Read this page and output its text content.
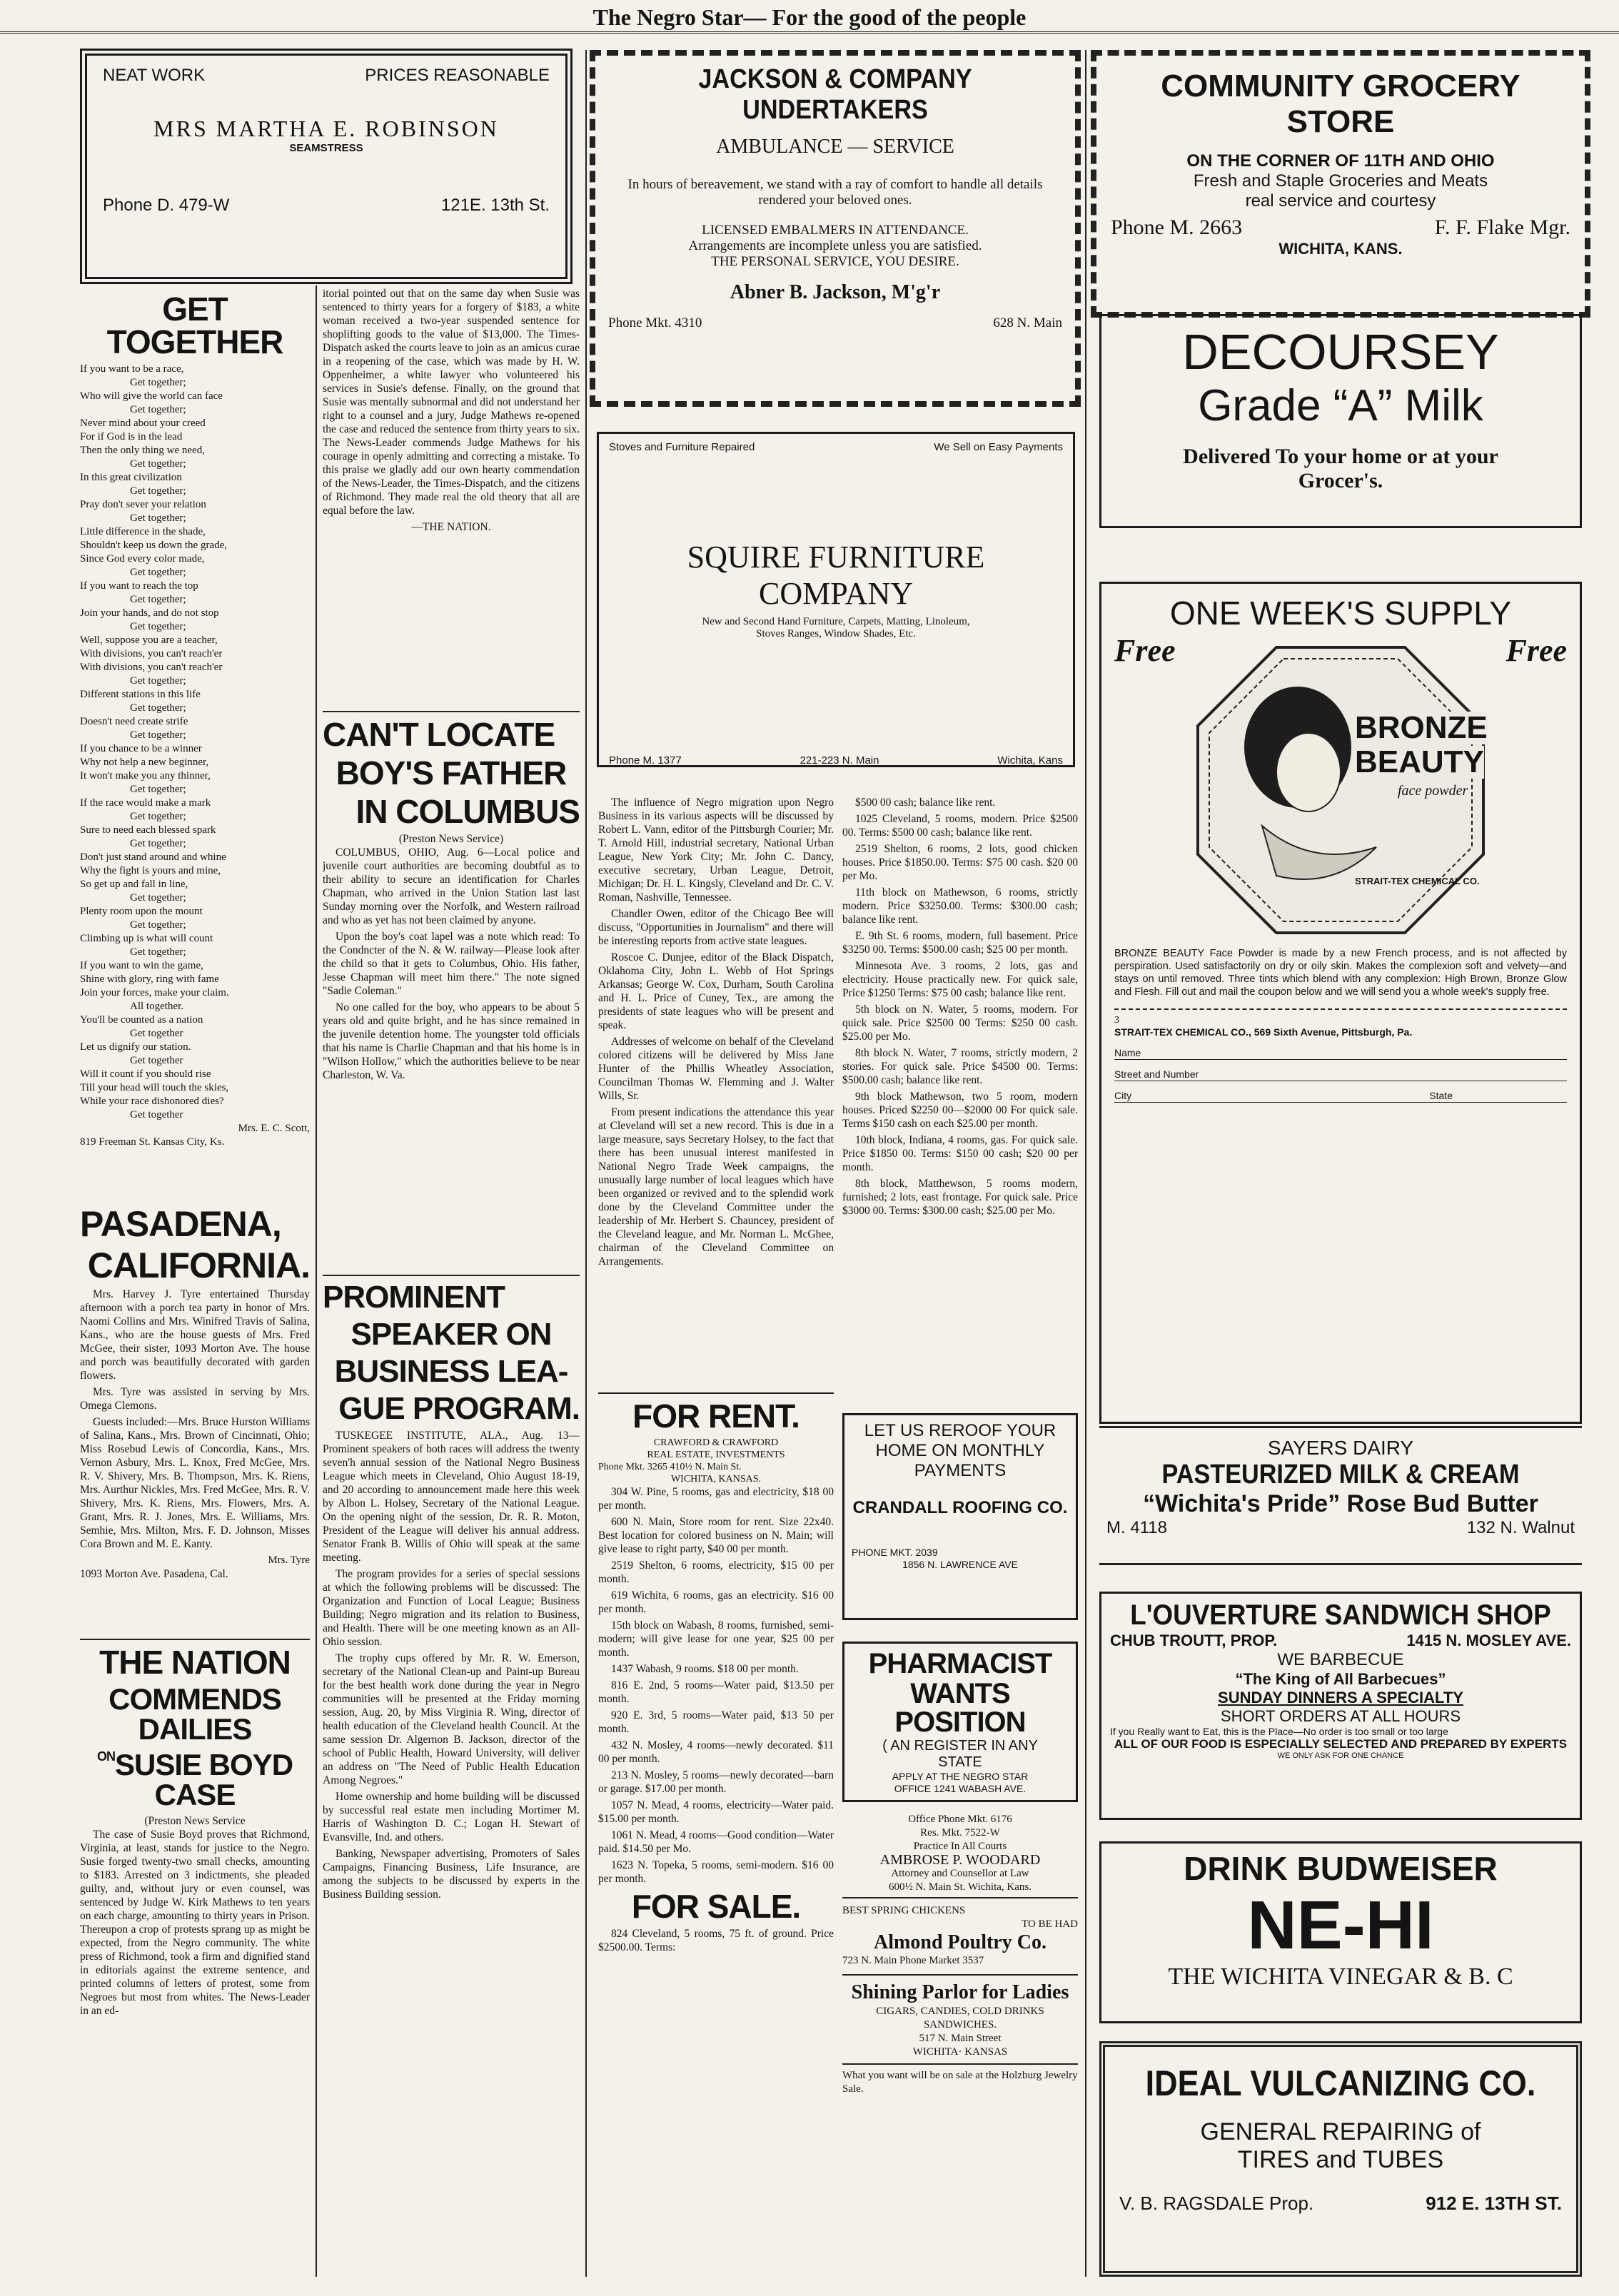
The Negro Star— For the good of the people
NEAT WORK	PRICES REASONABLE
MRS MARTHA E. ROBINSON
SEAMSTRESS
Phone D. 479-W	121E. 13th St.
GET TOGETHER
If you want to be a race,
Get together;
Who will give the world can face
Get together;
Never mind about your creed
For if God is in the lead
Then the only thing we need,
Get together;
In this great civilization
Get together;
Pray don't sever your relation
Get together;
Little difference in the shade,
Shouldn't keep us down the grade,
Since God every color made,
Get together;
If you want to reach the top
Get together;
Join your hands, and do not stop
Get together;
Well, suppose you are a teacher,
With divisions, you can't reach'er
With divisions, you can't reach'er
Get together;
Different stations in this life
Get together;
Doesn't need create strife
Get together;
If you chance to be a winner
Why not help a new beginner,
It won't make you any thinner,
Get together;
If the race would make a mark
Get together;
Sure to need each blessed spark
Get together;
Don't just stand around and whine
Why the fight is yours and mine,
So get up and fall in line,
Get together;
Plenty room upon the mount
Get together;
Climbing up is what will count
Get together;
If you want to win the game,
Shine with glory, ring with fame
Join your forces, make your claim.
All together.
You'll be counted as a nation
Get together
Let us dignify our station.
Get together
Will it count if you should rise
Till your head will touch the skies,
While your race dishonored dies?
Get together
Mrs. E. C. Scott,
819 Freeman St. Kansas City, Ks.
PASADENA,
CALIFORNIA.

Mrs. Harvey J. Tyre entertained Thursday afternoon with a porch tea party in honor of Mrs. Naomi Collins and Mrs. Winifred Travis of Salina, Kans., who are the house guests of Mrs. Fred McGee, their sister, 1093 Morton Ave. The house and porch was beautifully decorated with garden flowers.

Mrs. Tyre was assisted in serving by Mrs. Omega Clemons.

Guests included:—Mrs. Bruce Hurston Williams of Salina, Kans., Mrs. Brown of Cincinnati, Ohio; Miss Rosebud Lewis of Concordia, Kans., Mrs. Vernon Asbury, Mrs. L. Knox, Fred McGee, Mrs. R. V. Shivery, Mrs. B. Thompson, Mrs. K. Riens, Mrs. Aurthur Nickles, Mrs. Fred McGee, Mrs. R. V. Shivery, Mrs. K. Riens, Mrs. Flowers, Mrs. A. Grant, Mrs. R. J. Jones, Mrs. E. Williams, Mrs. Semhie, Mrs. Milton, Mrs. F. D. Johnson, Misses Cora Brown and M. E. Kanty.

Mrs. Tyre
1093 Morton Ave. Pasadena, Cal.
THE NATION
COMMENDS DAILIES
$^{ON}$SUSIE BOYD CASE
(Preston News Service

The case of Susie Boyd proves that Richmond, Virginia, at least, stands for justice to the Negro. Susie forged twenty-two small checks, amounting to $183. Arrested on 3 indictments, she pleaded guilty, and, without jury or even counsel, was sentenced by Judge W. Kirk Mathews to ten years on each charge, amounting to thirty years in Prison. Thereupon a crop of protests sprang up as might be expected, from the Negro community. The white press of Richmond, took a firm and dignified stand in editorials against the extreme sentence, and printed columns of letters of protest, some from Negroes but most from whites. The News-Leader in an ed-

itorial pointed out that on the same day when Susie was sentenced to thirty years for a forgery of $183, a white woman received a two-year suspended sentence for shoplifting goods to the value of $13,000. The Times-Dispatch asked the courts leave to join as an amicus curae in a reopening of the case, which was made by H. W. Oppenheimer, a white lawyer who volunteered his services in Susie's defense. Finally, on the ground that Susie was mentally subnormal and did not understand her right to a counsel and a jury, Judge Mathews re-opened the case and reduced the sentence from thirty years to six. The News-Leader commends Judge Mathews for his courage in openly admitting and correcting a mistake. To this praise we gladly add our own hearty commendation of the News-Leader, the Times-Dispatch, and the citizens of Richmond. They made real the old theory that all are equal before the law.

—THE NATION.
CAN'T LOCATE
BOY'S FATHER
IN COLUMBUS
(Preston News Service)

COLUMBUS, OHIO, Aug. 6—Local police and juvenile court authorities are becoming doubtful as to their ability to secure an identification for Charles Chapman, who arrived in the Union Station last last Sunday morning over the Norfolk, and Western railroad and who as yet has not been claimed by anyone.

Upon the boy's coat lapel was a note which read: To the Condncter of the N. & W. railway—Please look after the child so that it gets to Columbus, Ohio. His father, Jesse Chapman will meet him there." The note signed "Sadie Coleman."

No one called for the boy, who appears to be about 5 years old and quite bright, and he has since remained in the juvenile detention home. The youngster told officials that his name is Charlie Chapman and that his home is in "Wilson Hollow," which the authorities believe to be near Charleston, W. Va.

PROMINENT
SPEAKER ON
BUSINESS LEA-
GUE PROGRAM.

TUSKEGEE INSTITUTE, ALA., Aug. 13—Prominent speakers of both races will address the twenty seven'h annual session of the National Negro Business League which meets in Cleveland, Ohio August 18-19, and 20 according to announcement made here this week by Albon L. Holsey, Secretary of the National League. On the opening night of the session, Dr. R. R. Moton, President of the League will deliver his annual address. Senator Frank B. Willis of Ohio will speak at the same meeting.

The program provides for a series of special sessions at which the following problems will be discussed: The Organization and Function of Local League; Business Building; Negro migration and its relation to Business, and Health. There will be one meeting known as an All-Ohio session.

The trophy cups offered by Mr. R. W. Emerson, secretary of the National Clean-up and Paint-up Bureau for the best health work done during the year in Negro communities will be presented at the Friday morning session, Aug. 20, by Miss Virginia R. Wing, director of health education of the Cleveland health Council. At the same session Dr. Algernon B. Jackson, director of the school of Public Health, Howard University, will deliver an address on "The Need of Public Health Education Among Negroes."

Home ownership and home building will be discussed by successful real estate men including Mortimer M. Harris of Washington D. C.; Logan H. Stewart of Evansville, Ind. and others.

Banking, Newspaper advertising, Promoters of Sales Campaigns, Financing Business, Life Insurance, are among the subjects to be discussed by experts in the Business Building session.

JACKSON & COMPANY UNDERTAKERS
AMBULANCE — SERVICE
In hours of bereavement, we stand with a ray of comfort to handle all details rendered your beloved ones.
LICENSED EMBALMERS IN ATTENDANCE.
Arrangements are incomplete unless you are satisfied.
THE PERSONAL SERVICE, YOU DESIRE.
Abner B. Jackson, M'g'r
Phone Mkt. 4310	628 N. Main
Stoves and Furniture Repaired	We Sell on Easy Payments
SQUIRE FURNITURE COMPANY
New and Second Hand Furniture, Carpets, Matting, Linoleum, Stoves Ranges, Window Shades, Etc.
Phone M. 1377	221-223 N. Main	Wichita, Kans

The influence of Negro migration upon Negro Business in its various aspects will be discussed by Robert L. Vann, editor of the Pittsburgh Courier; Mr. T. Arnold Hill, industrial secretary, National Urban League, New York City; Mr. John C. Dancy, executive secretary, Urban League, Detroit, Michigan; Dr. H. L. Kingsly, Cleveland and Dr. C. V. Roman, Nashville, Tennessee.

Chandler Owen, editor of the Chicago Bee will discuss, "Opportunities in Journalism" and there will be interesting reports from active state leagues.

Roscoe C. Dunjee, editor of the Black Dispatch, Oklahoma City, John L. Webb of Hot Springs Arkansas; George W. Cox, Durham, South Carolina and H. L. Price of Cuney, Tex., are among the presidents of state leagues who will be present and speak.

Addresses of welcome on behalf of the Cleveland colored citizens will be delivered by Miss Jane Hunter of the Phillis Wheatley Association, Councilman Thomas W. Flemming and J. Walter Wills, Sr.

From present indications the attendance this year at Cleveland will set a new record. This is due in a large measure, says Secretary Holsey, to the fact that there has been unusual interest manifested in National Negro Trade Week campaigns, the unusually large number of local leagues which have been organized or revived and to the splendid work done by the Cleveland Committee under the leadership of Mr. Herbert S. Chauncey, president of the Cleveland league, and Mr. Norman L. McGhee, chairman of the Cleveland Committee on Arrangements.

FOR RENT.
CRAWFORD & CRAWFORD
REAL ESTATE, INVESTMENTS
Phone Mkt. 3265 410½ N. Main St.
WICHITA, KANSAS.

304 W. Pine, 5 rooms, gas and electricity, $18 00 per month.

600 N. Main, Store room for rent. Size 22x40. Best location for colored business on N. Main; will give lease to right party, $40 00 per month.

2519 Shelton, 6 rooms, electricity, $15 00 per month.

619 Wichita, 6 rooms, gas an electricity. $16 00 per month.

15th block on Wabash, 8 rooms, furnished, semi-modern; will give lease for one year, $25 00 per month.

1437 Wabash, 9 rooms. $18 00 per month.

816 E. 2nd, 5 rooms—Water paid, $13.50 per month.

920 E. 3rd, 5 rooms—Water paid, $13 50 per month.

432 N. Mosley, 4 rooms—newly decorated. $11 00 per month.

213 N. Mosley, 5 rooms—newly decorated—barn or garage. $17.00 per month.

1057 N. Mead, 4 rooms, electricity—Water paid. $15.00 per month.

1061 N. Mead, 4 rooms—Good condition—Water paid. $14.50 per Mo.

1623 N. Topeka, 5 rooms, semi-modern. $16 00 per month.

FOR SALE.

824 Cleveland, 5 rooms, 75 ft. of ground. Price $2500.00. Terms:

$500 00 cash; balance like rent.

1025 Cleveland, 5 rooms, modern. Price $2500 00. Terms: $500 00 cash; balance like rent.

2519 Shelton, 6 rooms, 2 lots, good chicken houses. Price $1850.00. Terms: $75 00 cash. $20 00 per Mo.

11th block on Mathewson, 6 rooms, strictly modern. Price $3250.00. Terms: $300.00 cash; balance like rent.

E. 9th St. 6 rooms, modern, full basement. Price $3250 00. Terms: $500.00 cash; $25 00 per month.

Minnesota Ave. 3 rooms, 2 lots, gas and electricity. House practically new. For quick sale, Price $1250 Terms: $75 00 cash; balance like rent.

5th block on N. Water, 5 rooms, modern. For quick sale. Price $2500 00 Terms: $250 00 cash. $25.00 per Mo.

8th block N. Water, 7 rooms, strictly modern, 2 stories. For quick sale. Price $4500 00. Terms: $500.00 cash; balance like rent.

9th block Mathewson, two 5 room, modern houses. Priced $2250 00—$2000 00 For quick sale. Terms $150 cash on each $25.00 per month.

10th block, Indiana, 4 rooms, gas. For quick sale. Price $1850 00. Terms: $150 00 cash; $20 00 per month.

8th block, Matthewson, 5 rooms modern, furnished; 2 lots, east frontage. For quick sale. Price $3000 00. Terms: $300.00 cash; $25.00 per Mo.

LET US REROOF YOUR
HOME ON MONTHLY
PAYMENTS
CRANDALL ROOFING CO.
PHONE MKT. 2039
1856 N. LAWRENCE AVE
PHARMACIST
WANTS POSITION
( AN REGISTER IN ANY
STATE
APPLY AT THE NEGRO STAR
OFFICE 1241 WABASH AVE.
Office Phone Mkt. 6176
Res. Mkt. 7522-W
Practice In All Courts
AMBROSE P. WOODARD
Attorney and Counsellor at Law
600½ N. Main St. Wichita, Kans.
BEST SPRING CHICKENS
TO BE HAD
Almond Poultry Co.
723 N. Main Phone Market 3537
Shining Parlor for Ladies
CIGARS, CANDIES, COLD DRINKS
SANDWICHES.
517 N. Main Street
WICHITA· KANSAS
What you want will be on sale at the Holzburg Jewelry Sale.
COMMUNITY GROCERY STORE
ON THE CORNER OF 11TH AND OHIO
Fresh and Staple Groceries and Meats
real service and courtesy
Phone M. 2663	F. F. Flake Mgr.
WICHITA, KANS.
DECOURSEY
Grade “A” Milk
Delivered To your home or at your
Grocer's.
ONE WEEK'S SUPPLY
Free	Free
BRONZE
BEAUTY
face powder
STRAIT-TEX CHEMICAL CO.
BRONZE BEAUTY Face Powder is made by a new French process, and is not affected by perspiration. Used satisfactorily on dry or oily skin. Makes the complexion soft and velvety—and stays on until removed. Three tints which blend with any complexion: High Brown, Bronze Glow and Flesh. Fill out and mail the coupon below and we will send you a whole week's supply free.
3
STRAIT-TEX CHEMICAL CO., 569 Sixth Avenue, Pittsburgh, Pa.
Name
Street and Number
City	State
SAYERS DAIRY
PASTEURIZED MILK & CREAM
“Wichita's Pride” Rose Bud Butter
M. 4118	132 N. Walnut
L'OUVERTURE SANDWICH SHOP
CHUB TROUTT, PROP.	1415 N. MOSLEY AVE.
WE BARBECUE
“The King of All Barbecues”
SUNDAY DINNERS A SPECIALTY
SHORT ORDERS AT ALL HOURS
If you Really want to Eat, this is the Place—No order is too small or too large
ALL OF OUR FOOD IS ESPECIALLY SELECTED AND PREPARED BY EXPERTS
WE ONLY ASK FOR ONE CHANCE
DRINK BUDWEISER
NE-HI
THE WICHITA VINEGAR & B. C
IDEAL VULCANIZING CO.
GENERAL REPAIRING of
TIRES and TUBES
V. B. RAGSDALE Prop.	912 E. 13TH ST.
